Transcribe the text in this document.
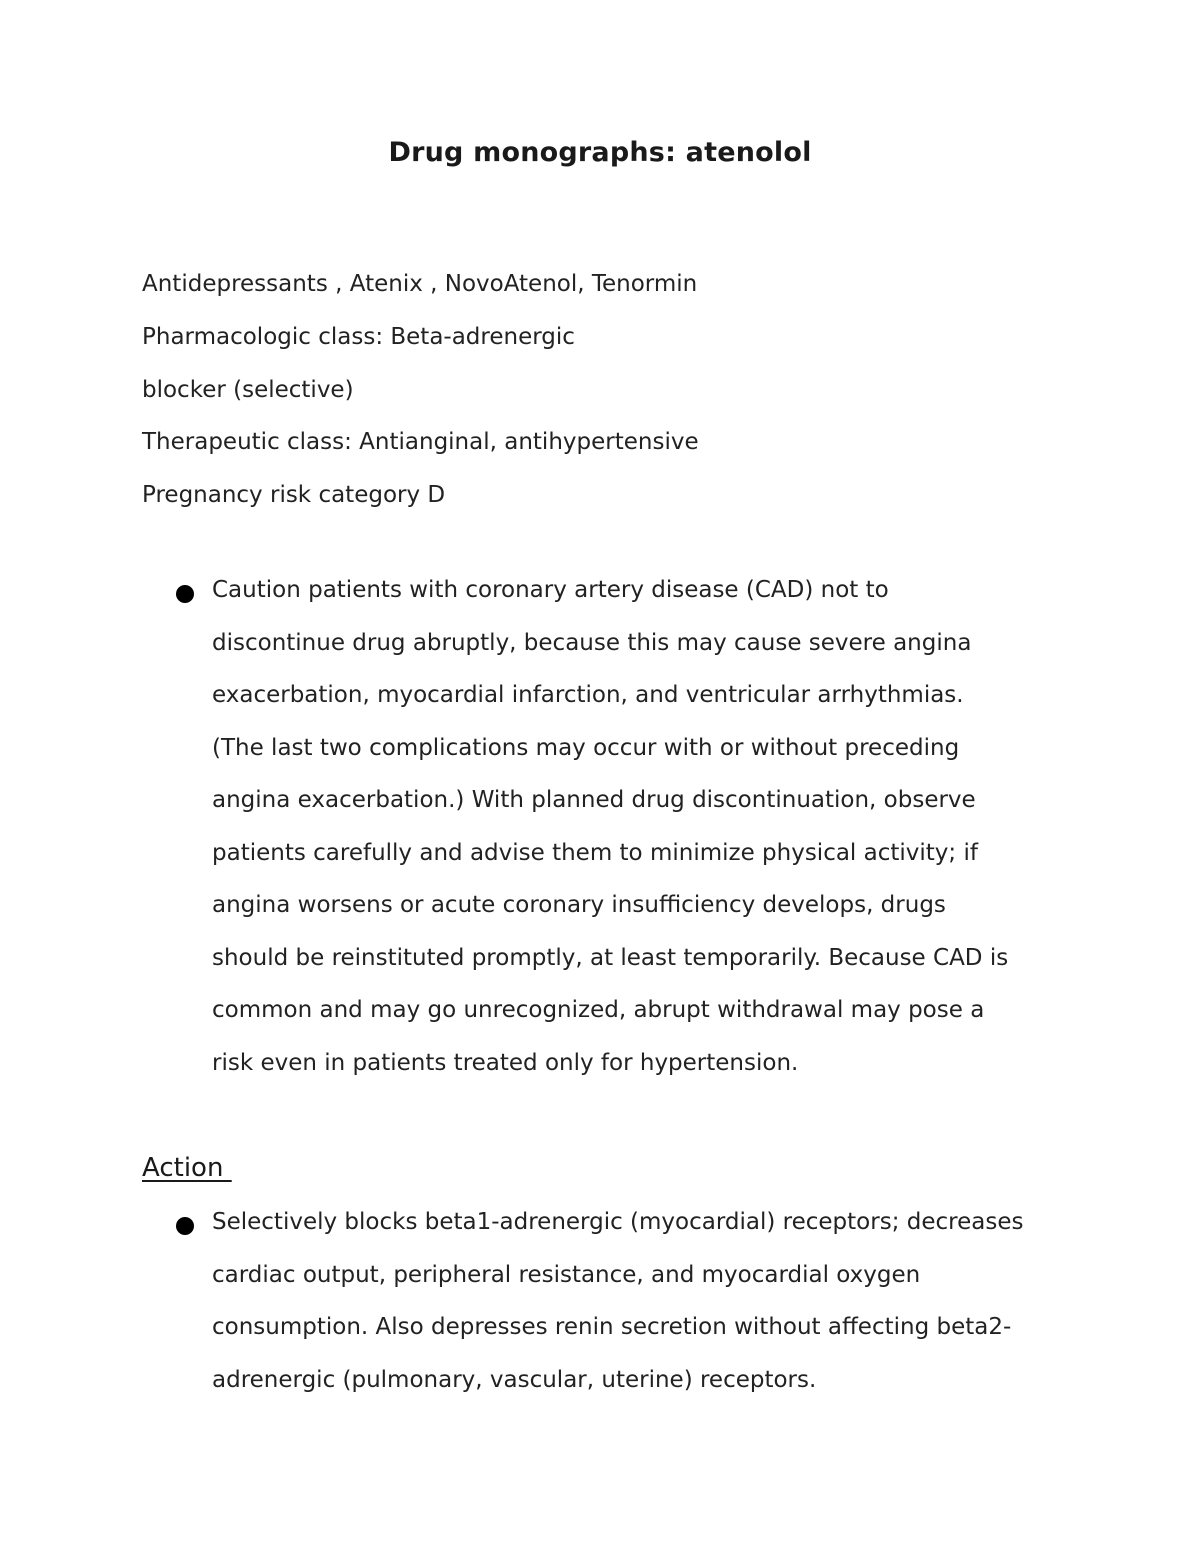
Drug monographs: atenolol
Antidepressants , Atenix , NovoAtenol, Tenormin
Pharmacologic class: Beta-adrenergic
blocker (selective)
Therapeutic class: Antianginal, antihypertensive
Pregnancy risk category D
Caution patients with coronary artery disease (CAD) not to
discontinue drug abruptly, because this may cause severe angina
exacerbation, myocardial infarction, and ventricular arrhythmias.
(The last two complications may occur with or without preceding
angina exacerbation.) With planned drug discontinuation, observe
patients carefully and advise them to minimize physical activity; if
angina worsens or acute coronary insufficiency develops, drugs
should be reinstituted promptly, at least temporarily. Because CAD is
common and may go unrecognized, abrupt withdrawal may pose a
risk even in patients treated only for hypertension.
Action
Selectively blocks beta1-adrenergic (myocardial) receptors; decreases
cardiac output, peripheral resistance, and myocardial oxygen
consumption. Also depresses renin secretion without affecting beta2-
adrenergic (pulmonary, vascular, uterine) receptors.
